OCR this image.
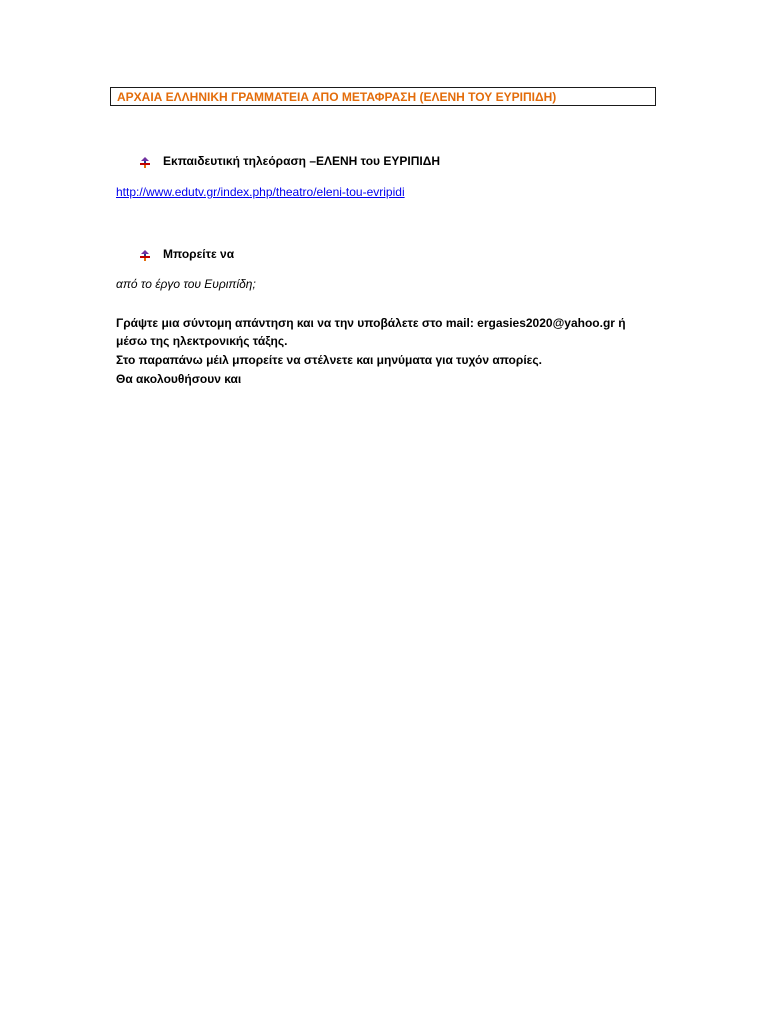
ΑΡΧΑΙΑ ΕΛΛΗΝΙΚΗ ΓΡΑΜΜΑΤΕΙΑ ΑΠΟ ΜΕΤΑΦΡΑΣΗ (ΕΛΕΝΗ ΤΟΥ ΕΥΡΙΠΙΔΗ)
Εκπαιδευτική τηλεόραση –ΕΛΕΝΗ του ΕΥΡΙΠΙΔΗ
http://www.edutv.gr/index.php/theatro/eleni-tou-evripidi
Μπορείτε να
από το έργο του Ευριπίδη;
Γράψτε μια σύντομη απάντηση και να την υποβάλετε στο mail: ergasies2020@yahoo.gr ή
μέσω της ηλεκτρονικής τάξης.
Στο παραπάνω μέιλ μπορείτε να στέλνετε και μηνύματα για τυχόν απορίες.
Θα ακολουθήσουν και
